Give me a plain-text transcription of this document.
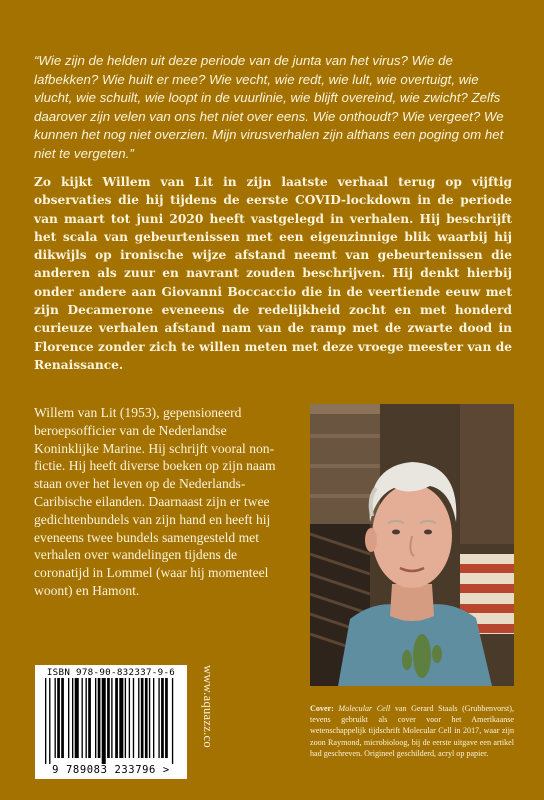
“Wie zijn de helden uit deze periode van de junta van het virus? Wie de lafbekken? Wie huilt er mee? Wie vecht, wie redt, wie lult, wie overtuigt, wie vlucht, wie schuilt, wie loopt in de vuurlinie, wie blijft overeind, wie zwicht? Zelfs daarover zijn velen van ons het niet over eens. Wie onthoudt? Wie vergeet? We kunnen het nog niet overzien. Mijn virusverhalen zijn althans een poging om het niet te vergeten.”

Zo kijkt Willem van Lit in zijn laatste verhaal terug op vijftig observaties die hij tijdens de eerste COVID-lockdown in de periode van maart tot juni 2020 heeft vastgelegd in verhalen. Hij beschrijft het scala van gebeurtenissen met een eigenzinnige blik waarbij hij dikwijls op ironische wijze afstand neemt van gebeurtenissen die anderen als zuur en navrant zouden beschrijven. Hij denkt hierbij onder andere aan Giovanni Boccaccio die in de veertiende eeuw met zijn Decamerone eveneens de redelijkheid zocht en met honderd curieuze verhalen afstand nam van de ramp met de zwarte dood in Florence zonder zich te willen meten met deze vroege meester van de Renaissance.

Willem van Lit (1953), gepensioneerd beroepsofficier van de Nederlandse Koninklijke Marine. Hij schrijft vooral non-fictie. Hij heeft diverse boeken op zijn naam staan over het leven op de Nederlands-Caribische eilanden. Daarnaast zijn er twee gedichtenbundels van zijn hand en heeft hij eveneens twee bundels samengesteld met verhalen over wandelingen tijdens de coronatijd in Lommel (waar hij momenteel woont) en Hamont.

Cover: Molecular Cell van Gerard Staals (Grubbenvorst), tevens gebruikt als cover voor het Amerikaanse wetenschappelijk tijdschrift Molecular Cell in 2017, waar zijn zoon Raymond, microbioloog, bij de eerste uitgave een artikel had geschreven. Origineel geschilderd, acryl op papier.

ISBN 978-90-832337-9-6
9 789083 233796 >
www.aquazz.co
